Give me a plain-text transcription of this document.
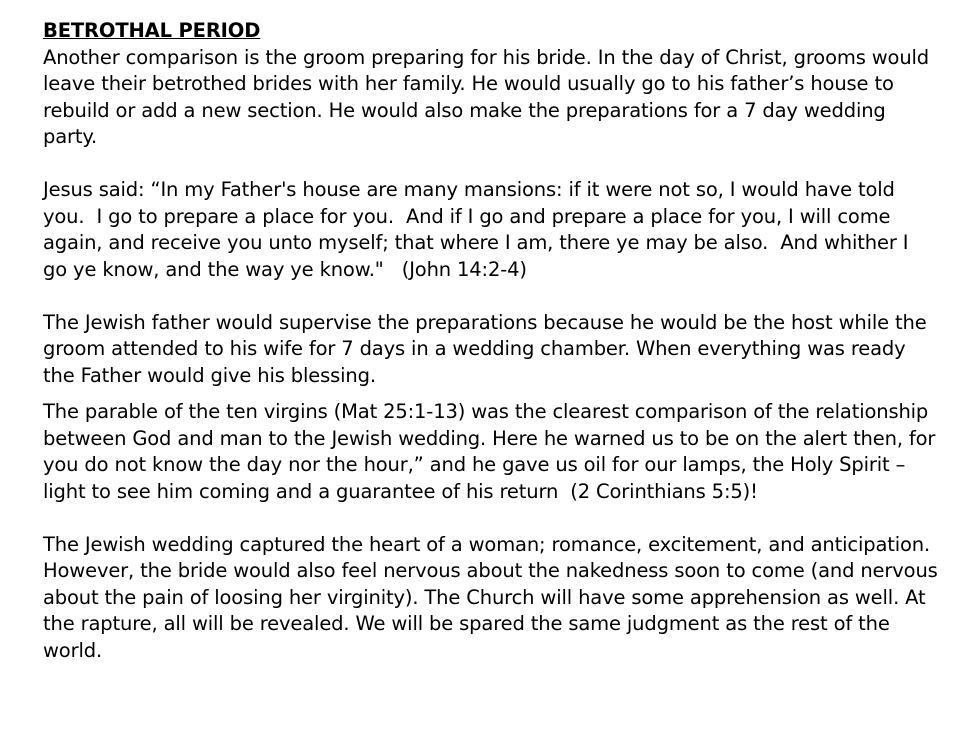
BETROTHAL PERIOD

Another comparison is the groom preparing for his bride. In the day of Christ, grooms would leave their betrothed brides with her family. He would usually go to his father’s house to rebuild or add a new section. He would also make the preparations for a 7 day wedding party.

Jesus said: “In my Father's house are many mansions: if it were not so, I would have told you.  I go to prepare a place for you.  And if I go and prepare a place for you, I will come again, and receive you unto myself; that where I am, there ye may be also.  And whither I go ye know, and the way ye know."   (John 14:2-4)

The Jewish father would supervise the preparations because he would be the host while the groom attended to his wife for 7 days in a wedding chamber. When everything was ready the Father would give his blessing.

The parable of the ten virgins (Mat 25:1-13) was the clearest comparison of the relationship between God and man to the Jewish wedding. Here he warned us to be on the alert then, for you do not know the day nor the hour,” and he gave us oil for our lamps, the Holy Spirit – light to see him coming and a guarantee of his return  (2 Corinthians 5:5)!

The Jewish wedding captured the heart of a woman; romance, excitement, and anticipation. However, the bride would also feel nervous about the nakedness soon to come (and nervous about the pain of loosing her virginity). The Church will have some apprehension as well. At the rapture, all will be revealed. We will be spared the same judgment as the rest of the world.
